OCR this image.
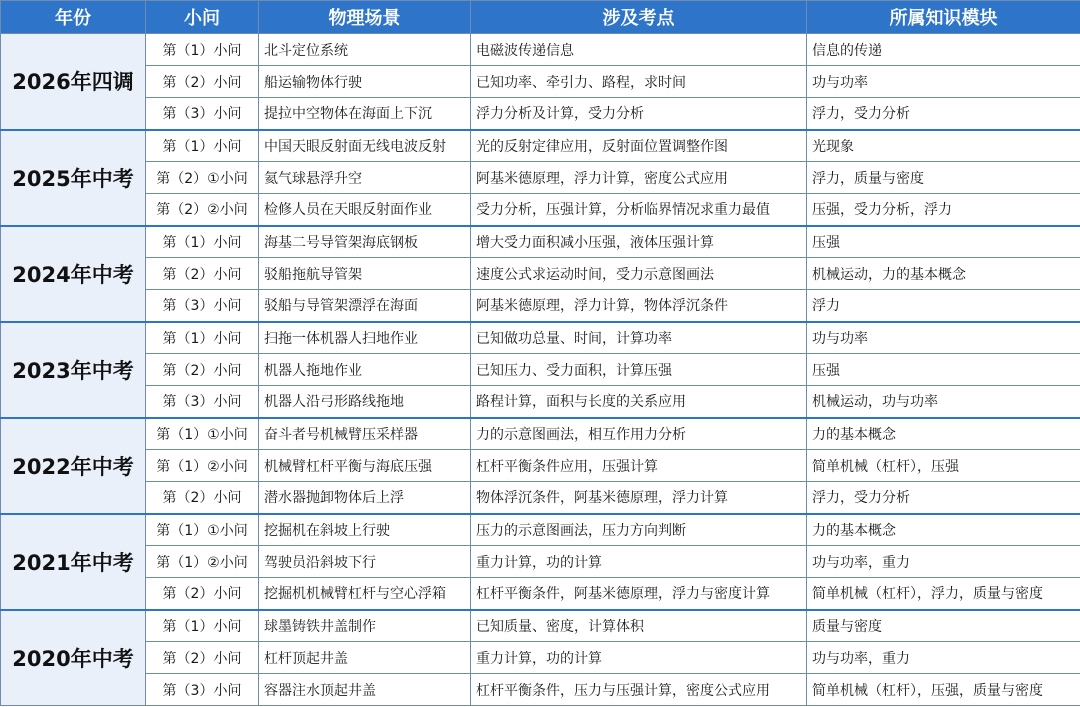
年份	小问	物理场景	涉及考点	所属知识模块
2026年四调	第（1）小问	北斗定位系统	电磁波传递信息	信息的传递
	第（2）小问	船运输物体行驶	已知功率、牵引力、路程，求时间	功与功率
	第（3）小问	提拉中空物体在海面上下沉	浮力分析及计算，受力分析	浮力，受力分析
2025年中考	第（1）小问	中国天眼反射面无线电波反射	光的反射定律应用，反射面位置调整作图	光现象
	第（2）①小问	氦气球悬浮升空	阿基米德原理，浮力计算，密度公式应用	浮力，质量与密度
	第（2）②小问	检修人员在天眼反射面作业	受力分析，压强计算，分析临界情况求重力最值	压强，受力分析，浮力
2024年中考	第（1）小问	海基二号导管架海底钢板	增大受力面积减小压强，液体压强计算	压强
	第（2）小问	驳船拖航导管架	速度公式求运动时间，受力示意图画法	机械运动，力的基本概念
	第（3）小问	驳船与导管架漂浮在海面	阿基米德原理，浮力计算，物体浮沉条件	浮力
2023年中考	第（1）小问	扫拖一体机器人扫地作业	已知做功总量、时间，计算功率	功与功率
	第（2）小问	机器人拖地作业	已知压力、受力面积，计算压强	压强
	第（3）小问	机器人沿弓形路线拖地	路程计算，面积与长度的关系应用	机械运动，功与功率
2022年中考	第（1）①小问	奋斗者号机械臂压采样器	力的示意图画法，相互作用力分析	力的基本概念
	第（1）②小问	机械臂杠杆平衡与海底压强	杠杆平衡条件应用，压强计算	简单机械（杠杆），压强
	第（2）小问	潜水器抛卸物体后上浮	物体浮沉条件，阿基米德原理，浮力计算	浮力，受力分析
2021年中考	第（1）①小问	挖掘机在斜坡上行驶	压力的示意图画法，压力方向判断	力的基本概念
	第（1）②小问	驾驶员沿斜坡下行	重力计算，功的计算	功与功率，重力
	第（2）小问	挖掘机机械臂杠杆与空心浮箱	杠杆平衡条件，阿基米德原理，浮力与密度计算	简单机械（杠杆），浮力，质量与密度
2020年中考	第（1）小问	球墨铸铁井盖制作	已知质量、密度，计算体积	质量与密度
	第（2）小问	杠杆顶起井盖	重力计算，功的计算	功与功率，重力
	第（3）小问	容器注水顶起井盖	杠杆平衡条件，压力与压强计算，密度公式应用	简单机械（杠杆），压强，质量与密度
